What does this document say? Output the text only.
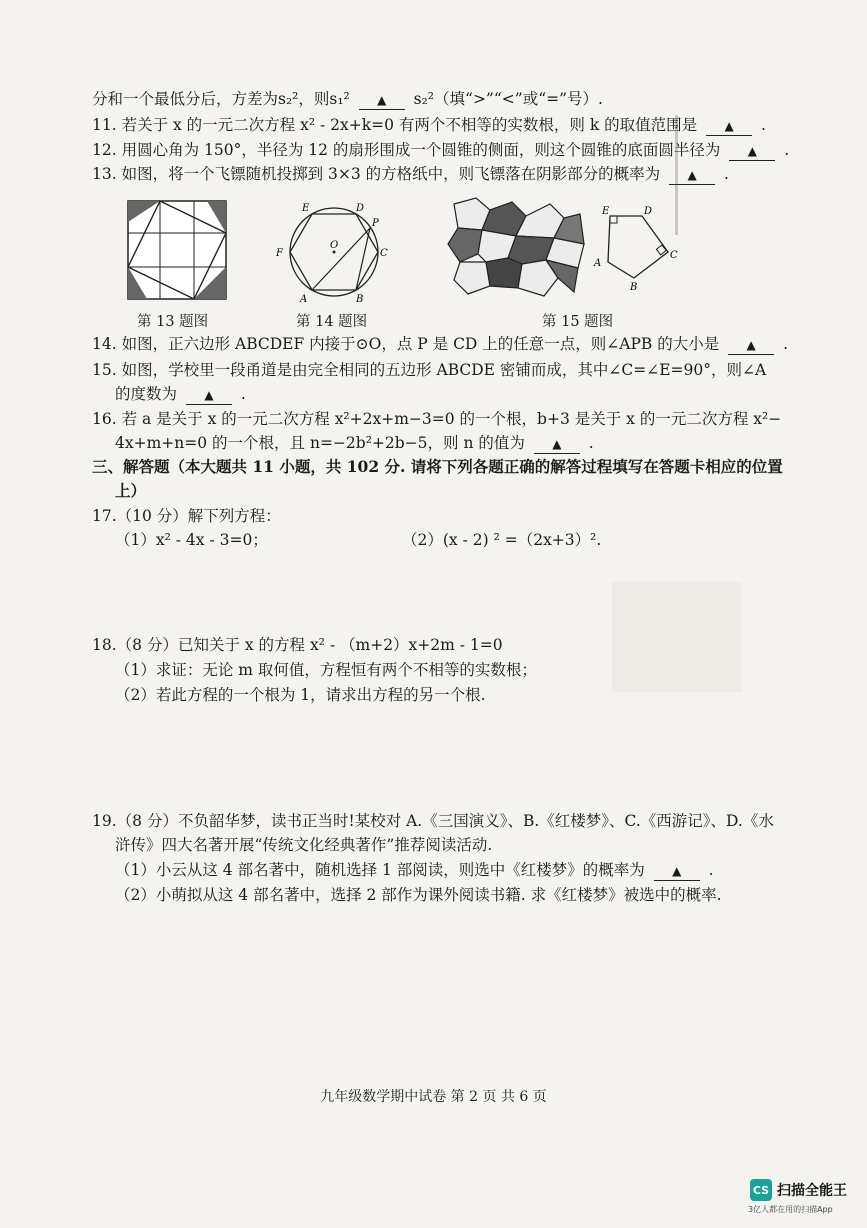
分和一个最低分后，方差为s₂²，则s₁² ▲ s₂²（填“>”“<”或“=”号）.
11. 若关于 x 的一元二次方程 x² - 2x+k=0 有两个不相等的实数根，则 k 的取值范围是 ▲ .
12. 用圆心角为 150°，半径为 12 的扇形围成一个圆锥的侧面，则这个圆锥的底面圆半径为 ▲ .
13. 如图，将一个飞镖随机投掷到 3×3 的方格纸中，则飞镖落在阴影部分的概率为 ▲ .
E	D
P
F
O
C
A	B
E	D
A
C
B
第 13 题图	第 14 题图	第 15 题图
14. 如图，正六边形 ABCDEF 内接于⊙O，点 P 是 CD 上的任意一点，则∠APB 的大小是 ▲ .
15. 如图，学校里一段甬道是由完全相同的五边形 ABCDE 密铺而成，其中∠C=∠E=90°，则∠A
的度数为 ▲ .
16. 若 a 是关于 x 的一元二次方程 x²+2x+m−3=0 的一个根，b+3 是关于 x 的一元二次方程 x²−
4x+m+n=0 的一个根，且 n=−2b²+2b−5，则 n 的值为 ▲ .
三、解答题（本大题共 11 小题，共 102 分. 请将下列各题正确的解答过程填写在答题卡相应的位置
上）
17.（10 分）解下列方程：
（1）x² - 4x - 3=0；	（2）(x - 2) ² =（2x+3）².
18.（8 分）已知关于 x 的方程 x² - （m+2）x+2m - 1=0
（1）求证：无论 m 取何值，方程恒有两个不相等的实数根；
（2）若此方程的一个根为 1，请求出方程的另一个根.
19.（8 分）不负韶华梦，读书正当时!某校对 A.《三国演义》、B.《红楼梦》、C.《西游记》、D.《水
浒传》四大名著开展“传统文化经典著作”推荐阅读活动.
（1）小云从这 4 部名著中，随机选择 1 部阅读，则选中《红楼梦》的概率为 ▲ .
（2）小萌拟从这 4 部名著中，选择 2 部作为课外阅读书籍. 求《红楼梦》被选中的概率.
九年级数学期中试卷 第 2 页 共 6 页
CS 扫描全能王
3亿人都在用的扫描App
